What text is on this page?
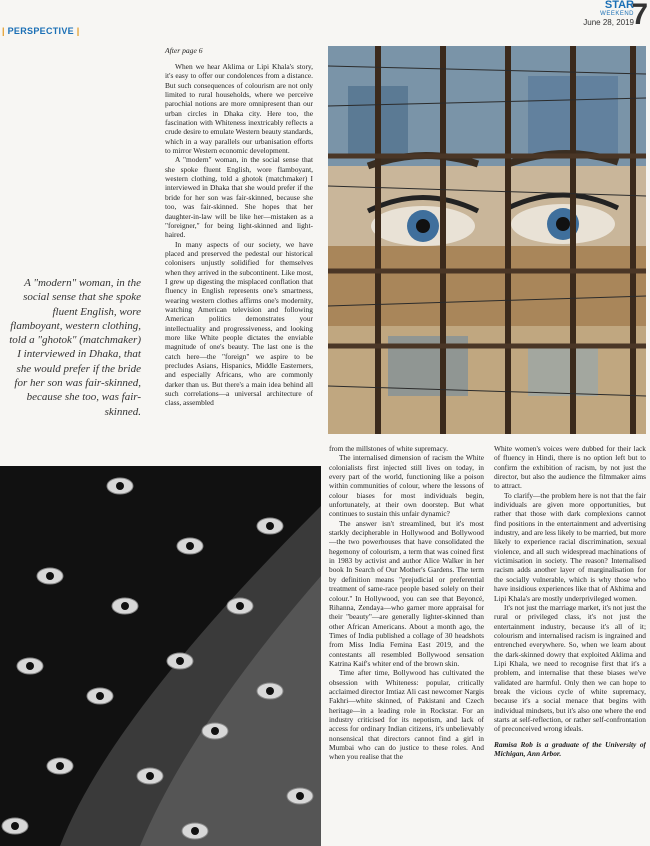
| PERSPECTIVE |
STAR
WEEKEND
June 28, 2019
7
After page 6

When we hear Aklima or Lipi Khala's story, it's easy to offer our condolences from a distance. But such consequences of colourism are not only limited to rural households, where we perceive parochial notions are more omnipresent than our urban circles in Dhaka city. Here too, the fascination with Whiteness inextricably reflects a crude desire to emulate Western beauty standards, which in a way parallels our urbanisation efforts to mirror Western economic development.

A "modern" woman, in the social sense that she spoke fluent English, wore flamboyant, western clothing, told a ghotok (matchmaker) I interviewed in Dhaka that she would prefer if the bride for her son was fair-skinned, because she too, was fair-skinned. She hopes that her daughter-in-law will be like her—mistaken as a "foreigner," for being light-skinned and light-haired.

In many aspects of our society, we have placed and preserved the pedestal our historical colonisers unjustly solidified for themselves when they arrived in the subcontinent. Like most, I grew up digesting the misplaced conflation that fluency in English represents one's smartness, wearing western clothes affirms one's modernity, watching American television and following American politics demonstrates your intellectuality and progressiveness, and looking more like White people dictates the enviable magnitude of one's beauty. The last one is the catch here—the "foreign" we aspire to be precludes Asians, Hispanics, Middle Easterners, and especially Africans, who are commonly darker than us. But there's a main idea behind all such correlations—a universal architecture of class, assembled

A "modern" woman, in the social sense that she spoke fluent English, wore flamboyant, western clothing, told a "ghotok" (matchmaker) I interviewed in Dhaka, that she would prefer if the bride for her son was fair-skinned, because she too, was fair-skinned.

from the millstones of white supremacy.

The internalised dimension of racism the White colonialists first injected still lives on today, in every part of the world, functioning like a poison within communities of colour, where the lessons of colour biases for most individuals begin, unfortunately, at their own doorstep. But what continues to sustain this unfair dynamic?

The answer isn't streamlined, but it's most starkly decipherable in Hollywood and Bollywood—the two powerhouses that have consolidated the hegemony of colourism, a term that was coined first in 1983 by activist and author Alice Walker in her book In Search of Our Mother's Gardens. The term by definition means "prejudicial or preferential treatment of same-race people based solely on their colour." In Hollywood, you can see that Beyoncé, Rihanna, Zendaya—who garner more appraisal for their "beauty"—are generally lighter-skinned than other African Americans. About a month ago, the Times of India published a collage of 30 headshots from Miss India Femina East 2019, and the contestants all resembled Bollywood sensation Katrina Kaif's whiter end of the brown skin.

Time after time, Bollywood has cultivated the obsession with Whiteness: popular, critically acclaimed director Imtiaz Ali cast newcomer Nargis Fakhri—white skinned, of Pakistani and Czech heritage—in a leading role in Rockstar. For an industry criticised for its nepotism, and lack of access for ordinary Indian citizens, it's unbelievably nonsensical that directors cannot find a girl in Mumbai who can do justice to these roles. And when you realise that the

White women's voices were dubbed for their lack of fluency in Hindi, there is no option left but to confirm the exhibition of racism, by not just the director, but also the audience the filmmaker aims to attract.

To clarify—the problem here is not that the fair individuals are given more opportunities, but rather that those with dark complexions cannot find positions in the entertainment and advertising industry, and are less likely to be married, but more likely to experience racial discrimination, sexual violence, and all such widespread machinations of victimisation in society. The reason? Internalised racism adds another layer of marginalisation for the socially vulnerable, which is why those who have insidious experiences like that of Akhima and Lipi Khala's are mostly underprivileged women.

It's not just the marriage market, it's not just the rural or privileged class, it's not just the entertainment industry, because it's all of it; colourism and internalised racism is ingrained and entrenched everywhere. So, when we learn about the dark-skinned dowry that exploited Aklima and Lipi Khala, we need to recognise first that it's a problem, and internalise that these biases we've validated are harmful. Only then we can hope to break the vicious cycle of white supremacy, because it's a social menace that begins with individual mindsets, but it's also one where the end starts at self-reflection, or rather self-confrontation of preconceived wrong ideals.

Ramisa Rob is a graduate of the University of Michigan, Ann Arbor.
